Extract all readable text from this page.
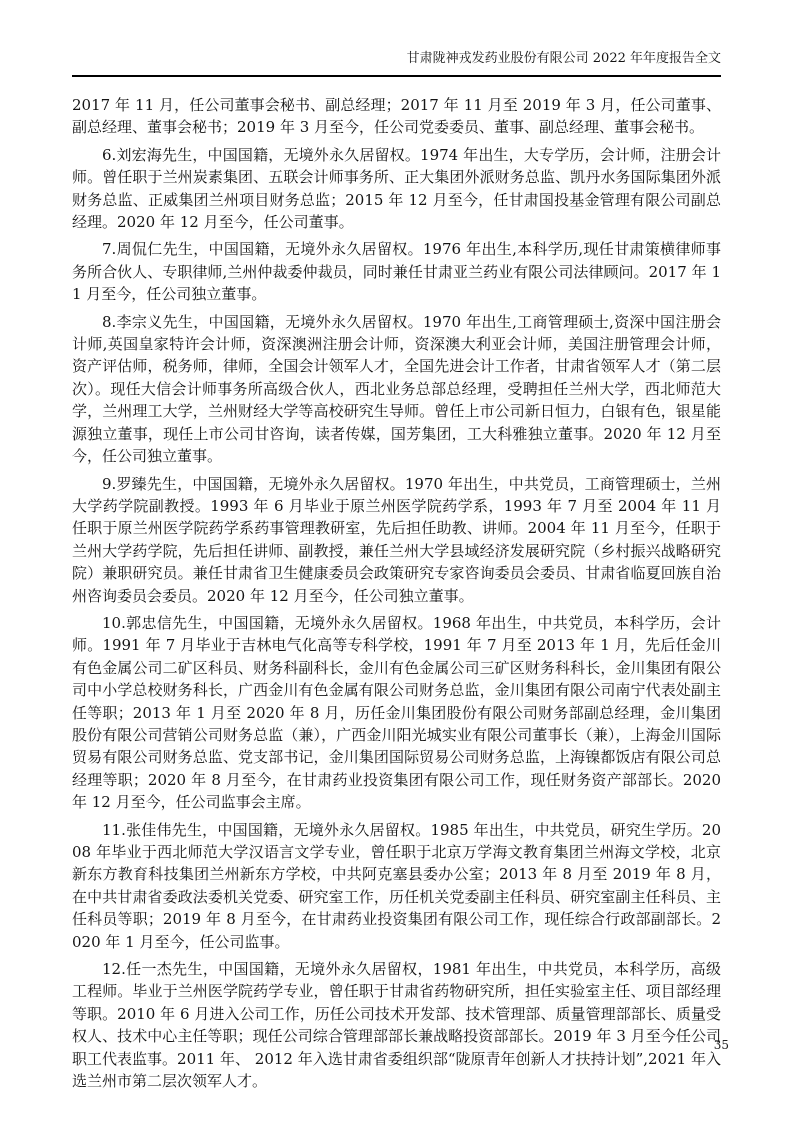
甘肃陇神戎发药业股份有限公司 2022 年年度报告全文

2017 年 11 月，任公司董事会秘书、副总经理；2017 年 11 月至 2019 年 3 月，任公司董事、副总经理、董事会秘书；2019 年 3 月至今，任公司党委委员、董事、副总经理、董事会秘书。

6.刘宏海先生，中国国籍，无境外永久居留权。1974 年出生，大专学历，会计师，注册会计师。曾任职于兰州炭素集团、五联会计师事务所、正大集团外派财务总监、凯丹水务国际集团外派财务总监、正威集团兰州项目财务总监；2015 年 12 月至今，任甘肃国投基金管理有限公司副总经理。2020 年 12 月至今，任公司董事。

7.周侃仁先生，中国国籍，无境外永久居留权。1976 年出生,本科学历,现任甘肃策横律师事务所合伙人、专职律师,兰州仲裁委仲裁员，同时兼任甘肃亚兰药业有限公司法律顾问。2017 年 11 月至今，任公司独立董事。

8.李宗义先生，中国国籍，无境外永久居留权。1970 年出生,工商管理硕士,资深中国注册会计师,英国皇家特许会计师，资深澳洲注册会计师，资深澳大利亚会计师，美国注册管理会计师，资产评估师，税务师，律师，全国会计领军人才，全国先进会计工作者，甘肃省领军人才（第二层次）。现任大信会计师事务所高级合伙人，西北业务总部总经理，受聘担任兰州大学，西北师范大学，兰州理工大学，兰州财经大学等高校研究生导师。曾任上市公司新日恒力，白银有色，银星能源独立董事，现任上市公司甘咨询，读者传媒，国芳集团，工大科雅独立董事。2020 年 12 月至今，任公司独立董事。

9.罗臻先生，中国国籍，无境外永久居留权。1970 年出生，中共党员，工商管理硕士，兰州大学药学院副教授。1993 年 6 月毕业于原兰州医学院药学系，1993 年 7 月至 2004 年 11 月任职于原兰州医学院药学系药事管理教研室，先后担任助教、讲师。2004 年 11 月至今，任职于兰州大学药学院，先后担任讲师、副教授，兼任兰州大学县域经济发展研究院（乡村振兴战略研究院）兼职研究员。兼任甘肃省卫生健康委员会政策研究专家咨询委员会委员、甘肃省临夏回族自治州咨询委员会委员。2020 年 12 月至今，任公司独立董事。

10.郭忠信先生，中国国籍，无境外永久居留权。1968 年出生，中共党员，本科学历，会计师。1991 年 7 月毕业于吉林电气化高等专科学校，1991 年 7 月至 2013 年 1 月，先后任金川有色金属公司二矿区科员、财务科副科长，金川有色金属公司三矿区财务科科长，金川集团有限公司中小学总校财务科长，广西金川有色金属有限公司财务总监，金川集团有限公司南宁代表处副主任等职；2013 年 1 月至 2020 年 8 月，历任金川集团股份有限公司财务部副总经理，金川集团股份有限公司营销公司财务总监（兼），广西金川阳光城实业有限公司董事长（兼），上海金川国际贸易有限公司财务总监、党支部书记，金川集团国际贸易公司财务总监，上海镍都饭店有限公司总经理等职；2020 年 8 月至今，在甘肃药业投资集团有限公司工作，现任财务资产部部长。2020 年 12 月至今，任公司监事会主席。

11.张佳伟先生，中国国籍，无境外永久居留权。1985 年出生，中共党员，研究生学历。2008 年毕业于西北师范大学汉语言文学专业，曾任职于北京万学海文教育集团兰州海文学校，北京新东方教育科技集团兰州新东方学校，中共阿克塞县委办公室；2013 年 8 月至 2019 年 8 月，在中共甘肃省委政法委机关党委、研究室工作，历任机关党委副主任科员、研究室副主任科员、主任科员等职；2019 年 8 月至今，在甘肃药业投资集团有限公司工作，现任综合行政部副部长。2020 年 1 月至今，任公司监事。

12.任一杰先生，中国国籍，无境外永久居留权，1981 年出生，中共党员，本科学历，高级工程师。毕业于兰州医学院药学专业，曾任职于甘肃省药物研究所，担任实验室主任、项目部经理等职。2010 年 6 月进入公司工作，历任公司技术开发部、技术管理部、质量管理部部长、质量受权人、技术中心主任等职；现任公司综合管理部部长兼战略投资部部长。2019 年 3 月至今任公司职工代表监事。2011 年、 2012 年入选甘肃省委组织部“陇原青年创新人才扶持计划”,2021 年入选兰州市第二层次领军人才。

35
